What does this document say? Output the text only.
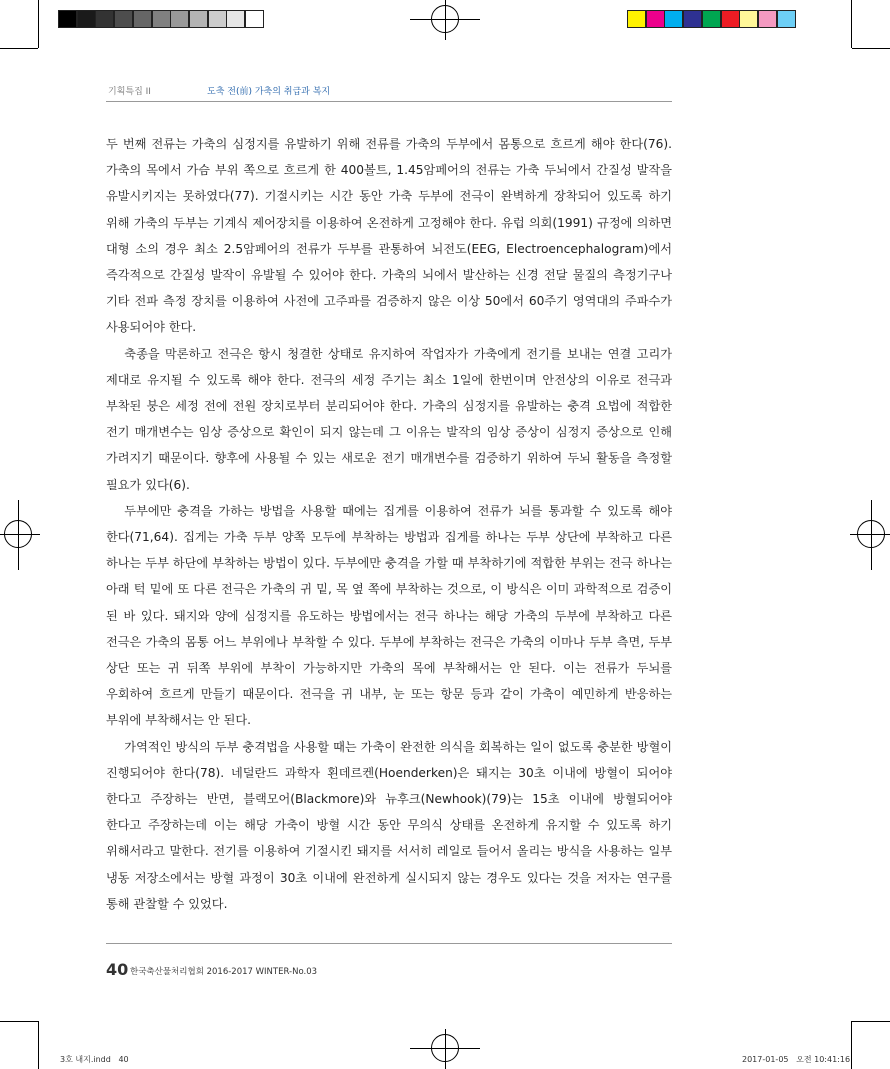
기획특집 II	도축 전(前) 가축의 취급과 복지

두 번째 전류는 가축의 심정지를 유발하기 위해 전류를 가축의 두부에서 몸통으로 흐르게 해야 한다(76). 가축의 목에서 가슴 부위 쪽으로 흐르게 한 400볼트, 1.45암페어의 전류는 가축 두뇌에서 간질성 발작을 유발시키지는 못하였다(77). 기절시키는 시간 동안 가축 두부에 전극이 완벽하게 장착되어 있도록 하기 위해 가축의 두부는 기계식 제어장치를 이용하여 온전하게 고정해야 한다. 유럽 의회(1991) 규정에 의하면 대형 소의 경우 최소 2.5암페어의 전류가 두부를 관통하여 뇌전도(EEG, Electroencephalogram)에서 즉각적으로 간질성 발작이 유발될 수 있어야 한다. 가축의 뇌에서 발산하는 신경 전달 물질의 측정기구나 기타 전파 측정 장치를 이용하여 사전에 고주파를 검증하지 않은 이상 50에서 60주기 영역대의 주파수가 사용되어야 한다.

축종을 막론하고 전극은 항시 청결한 상태로 유지하여 작업자가 가축에게 전기를 보내는 연결 고리가 제대로 유지될 수 있도록 해야 한다. 전극의 세정 주기는 최소 1일에 한번이며 안전상의 이유로 전극과 부착된 붕은 세정 전에 전원 장치로부터 분리되어야 한다. 가축의 심정지를 유발하는 충격 요법에 적합한 전기 매개변수는 임상 증상으로 확인이 되지 않는데 그 이유는 발작의 임상 증상이 심정지 증상으로 인해 가려지기 때문이다. 향후에 사용될 수 있는 새로운 전기 매개변수를 검증하기 위하여 두뇌 활동을 측정할 필요가 있다(6).

두부에만 충격을 가하는 방법을 사용할 때에는 집게를 이용하여 전류가 뇌를 통과할 수 있도록 해야 한다(71,64). 집게는 가축 두부 양쪽 모두에 부착하는 방법과 집게를 하나는 두부 상단에 부착하고 다른 하나는 두부 하단에 부착하는 방법이 있다. 두부에만 충격을 가할 때 부착하기에 적합한 부위는 전극 하나는 아래 턱 밑에 또 다른 전극은 가축의 귀 밑, 목 옆 쪽에 부착하는 것으로, 이 방식은 이미 과학적으로 검증이 된 바 있다. 돼지와 양에 심정지를 유도하는 방법에서는 전극 하나는 해당 가축의 두부에 부착하고 다른 전극은 가축의 몸통 어느 부위에나 부착할 수 있다. 두부에 부착하는 전극은 가축의 이마나 두부 측면, 두부 상단 또는 귀 뒤쪽 부위에 부착이 가능하지만 가축의 목에 부착해서는 안 된다. 이는 전류가 두뇌를 우회하여 흐르게 만들기 때문이다. 전극을 귀 내부, 눈 또는 항문 등과 같이 가축이 예민하게 반응하는 부위에 부착해서는 안 된다.

가역적인 방식의 두부 충격법을 사용할 때는 가축이 완전한 의식을 회복하는 일이 없도록 충분한 방혈이 진행되어야 한다(78). 네덜란드 과학자 횐데르켄(Hoenderken)은 돼지는 30초 이내에 방혈이 되어야 한다고 주장하는 반면, 블랙모어(Blackmore)와 뉴후크(Newhook)(79)는 15초 이내에 방혈되어야 한다고 주장하는데 이는 해당 가축이 방혈 시간 동안 무의식 상태를 온전하게 유지할 수 있도록 하기 위해서라고 말한다. 전기를 이용하여 기절시킨 돼지를 서서히 레일로 들어서 올리는 방식을 사용하는 일부 냉동 저장소에서는 방혈 과정이 30초 이내에 완전하게 실시되지 않는 경우도 있다는 것을 저자는 연구를 통해 관찰할 수 있었다.

40 한국축산물처리협회 2016-2017 WINTER-No.03
3호 내지.indd   40	2017-01-05   오전 10:41:16
